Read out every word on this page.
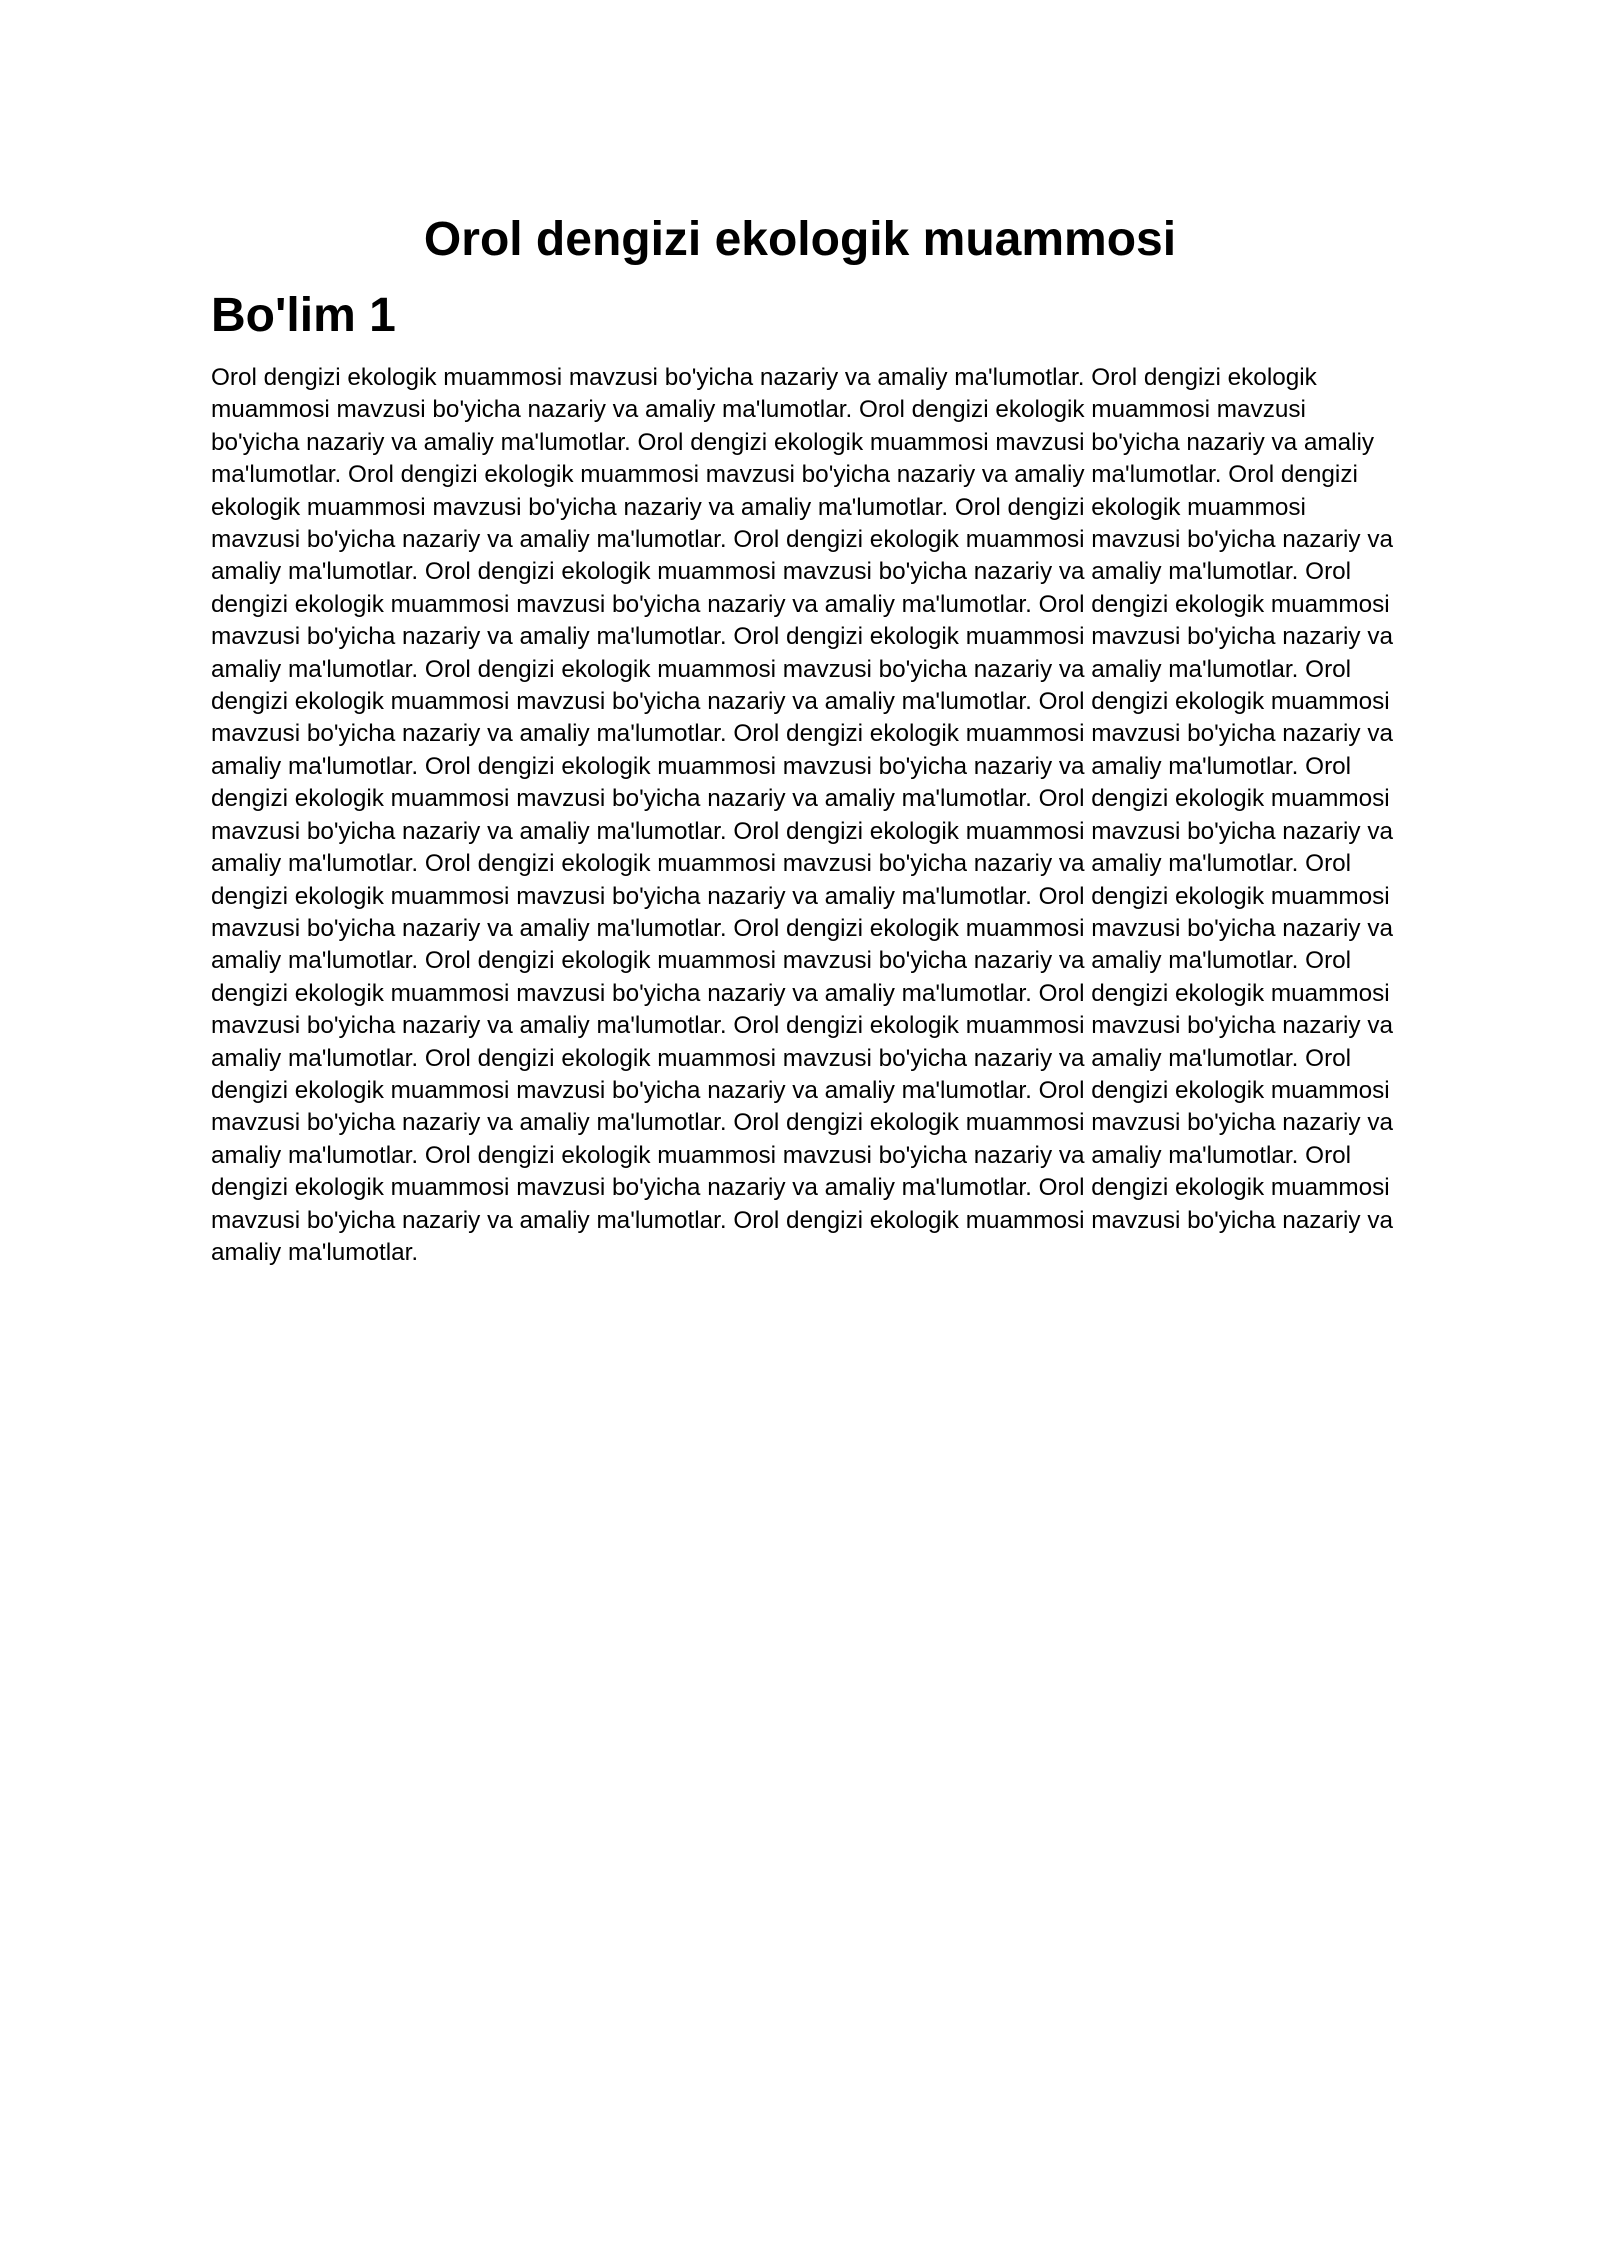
Orol dengizi ekologik muammosi
Bo'lim 1

Orol dengizi ekologik muammosi mavzusi bo'yicha nazariy va amaliy ma'lumotlar. Orol dengizi ekologik muammosi mavzusi bo'yicha nazariy va amaliy ma'lumotlar. Orol dengizi ekologik muammosi mavzusi bo'yicha nazariy va amaliy ma'lumotlar. Orol dengizi ekologik muammosi mavzusi bo'yicha nazariy va amaliy ma'lumotlar. Orol dengizi ekologik muammosi mavzusi bo'yicha nazariy va amaliy ma'lumotlar. Orol dengizi ekologik muammosi mavzusi bo'yicha nazariy va amaliy ma'lumotlar. Orol dengizi ekologik muammosi mavzusi bo'yicha nazariy va amaliy ma'lumotlar. Orol dengizi ekologik muammosi mavzusi bo'yicha nazariy va amaliy ma'lumotlar. Orol dengizi ekologik muammosi mavzusi bo'yicha nazariy va amaliy ma'lumotlar. Orol dengizi ekologik muammosi mavzusi bo'yicha nazariy va amaliy ma'lumotlar. Orol dengizi ekologik muammosi mavzusi bo'yicha nazariy va amaliy ma'lumotlar. Orol dengizi ekologik muammosi mavzusi bo'yicha nazariy va amaliy ma'lumotlar. Orol dengizi ekologik muammosi mavzusi bo'yicha nazariy va amaliy ma'lumotlar. Orol dengizi ekologik muammosi mavzusi bo'yicha nazariy va amaliy ma'lumotlar. Orol dengizi ekologik muammosi mavzusi bo'yicha nazariy va amaliy ma'lumotlar. Orol dengizi ekologik muammosi mavzusi bo'yicha nazariy va amaliy ma'lumotlar. Orol dengizi ekologik muammosi mavzusi bo'yicha nazariy va amaliy ma'lumotlar. Orol dengizi ekologik muammosi mavzusi bo'yicha nazariy va amaliy ma'lumotlar. Orol dengizi ekologik muammosi mavzusi bo'yicha nazariy va amaliy ma'lumotlar. Orol dengizi ekologik muammosi mavzusi bo'yicha nazariy va amaliy ma'lumotlar. Orol dengizi ekologik muammosi mavzusi bo'yicha nazariy va amaliy ma'lumotlar. Orol dengizi ekologik muammosi mavzusi bo'yicha nazariy va amaliy ma'lumotlar. Orol dengizi ekologik muammosi mavzusi bo'yicha nazariy va amaliy ma'lumotlar. Orol dengizi ekologik muammosi mavzusi bo'yicha nazariy va amaliy ma'lumotlar. Orol dengizi ekologik muammosi mavzusi bo'yicha nazariy va amaliy ma'lumotlar. Orol dengizi ekologik muammosi mavzusi bo'yicha nazariy va amaliy ma'lumotlar. Orol dengizi ekologik muammosi mavzusi bo'yicha nazariy va amaliy ma'lumotlar. Orol dengizi ekologik muammosi mavzusi bo'yicha nazariy va amaliy ma'lumotlar. Orol dengizi ekologik muammosi mavzusi bo'yicha nazariy va amaliy ma'lumotlar. Orol dengizi ekologik muammosi mavzusi bo'yicha nazariy va amaliy ma'lumotlar. Orol dengizi ekologik muammosi mavzusi bo'yicha nazariy va amaliy ma'lumotlar. Orol dengizi ekologik muammosi mavzusi bo'yicha nazariy va amaliy ma'lumotlar. Orol dengizi ekologik muammosi mavzusi bo'yicha nazariy va amaliy ma'lumotlar. Orol dengizi ekologik muammosi mavzusi bo'yicha nazariy va amaliy ma'lumotlar. Orol dengizi ekologik muammosi mavzusi bo'yicha nazariy va amaliy ma'lumotlar. Orol dengizi ekologik muammosi mavzusi bo'yicha nazariy va amaliy ma'lumotlar.
